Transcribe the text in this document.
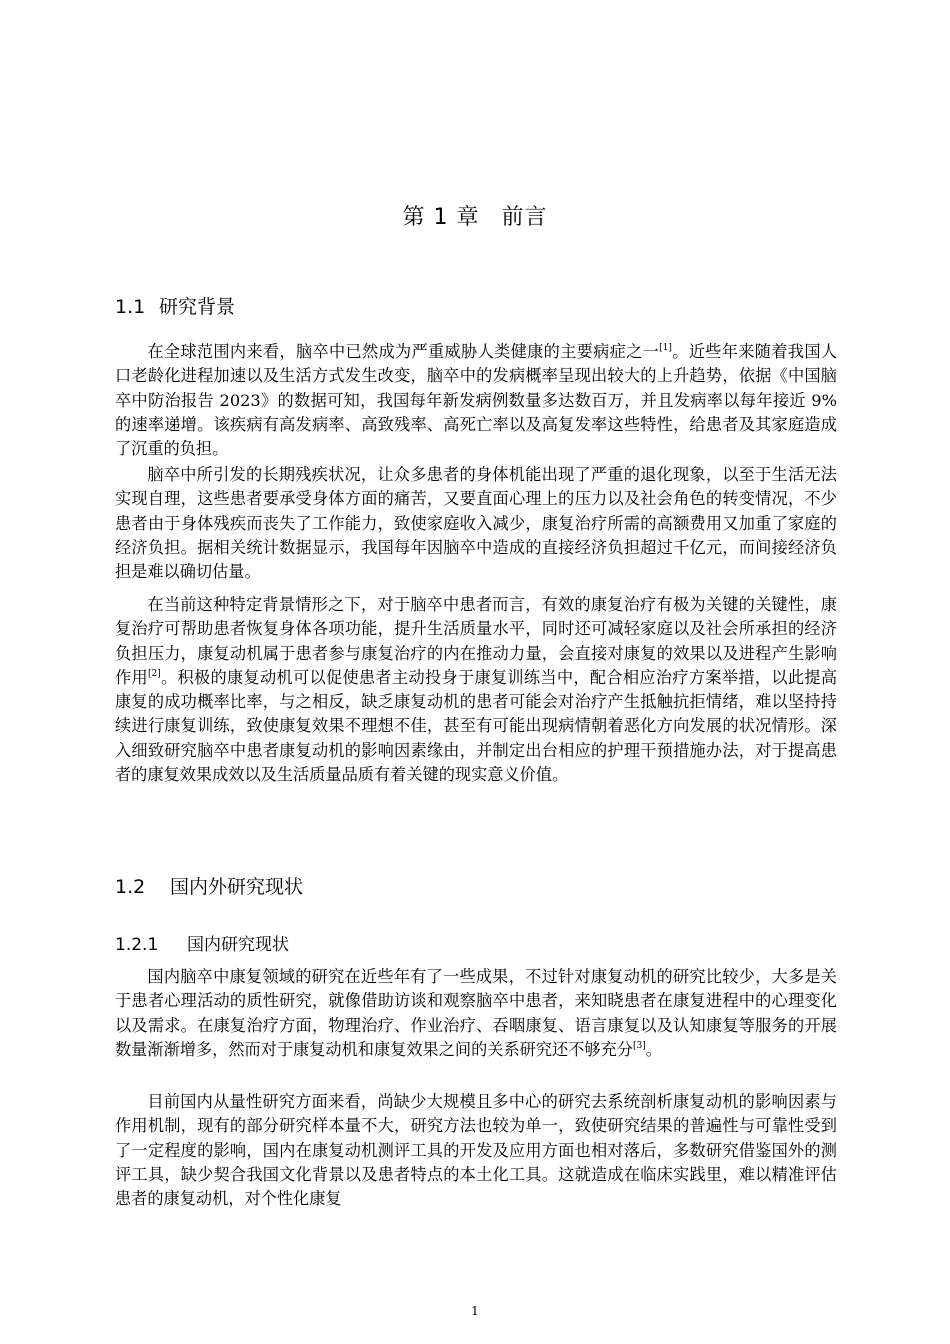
第 1 章 前言
1.1 研究背景

在全球范围内来看，脑卒中已然成为严重威胁人类健康的主要病症之一[1]。近些年来随着我国人口老龄化进程加速以及生活方式发生改变，脑卒中的发病概率呈现出较大的上升趋势，依据《中国脑卒中防治报告 2023》的数据可知，我国每年新发病例数量多达数百万，并且发病率以每年接近 9%的速率递增。该疾病有高发病率、高致残率、高死亡率以及高复发率这些特性，给患者及其家庭造成了沉重的负担。

脑卒中所引发的长期残疾状况，让众多患者的身体机能出现了严重的退化现象，以至于生活无法实现自理，这些患者要承受身体方面的痛苦，又要直面心理上的压力以及社会角色的转变情况，不少患者由于身体残疾而丧失了工作能力，致使家庭收入减少，康复治疗所需的高额费用又加重了家庭的经济负担。据相关统计数据显示，我国每年因脑卒中造成的直接经济负担超过千亿元，而间接经济负担是难以确切估量。

在当前这种特定背景情形之下，对于脑卒中患者而言，有效的康复治疗有极为关键的关键性，康复治疗可帮助患者恢复身体各项功能，提升生活质量水平，同时还可减轻家庭以及社会所承担的经济负担压力，康复动机属于患者参与康复治疗的内在推动力量，会直接对康复的效果以及进程产生影响作用[2]。积极的康复动机可以促使患者主动投身于康复训练当中，配合相应治疗方案举措，以此提高康复的成功概率比率，与之相反，缺乏康复动机的患者可能会对治疗产生抵触抗拒情绪，难以坚持持续进行康复训练，致使康复效果不理想不佳，甚至有可能出现病情朝着恶化方向发展的状况情形。深入细致研究脑卒中患者康复动机的影响因素缘由，并制定出台相应的护理干预措施办法，对于提高患者的康复效果成效以及生活质量品质有着关键的现实意义价值。

1.2 国内外研究现状
1.2.1 国内研究现状

国内脑卒中康复领域的研究在近些年有了一些成果，不过针对康复动机的研究比较少，大多是关于患者心理活动的质性研究，就像借助访谈和观察脑卒中患者，来知晓患者在康复进程中的心理变化以及需求。在康复治疗方面，物理治疗、作业治疗、吞咽康复、语言康复以及认知康复等服务的开展数量渐渐增多，然而对于康复动机和康复效果之间的关系研究还不够充分[3]。

目前国内从量性研究方面来看，尚缺少大规模且多中心的研究去系统剖析康复动机的影响因素与作用机制，现有的部分研究样本量不大，研究方法也较为单一，致使研究结果的普遍性与可靠性受到了一定程度的影响，国内在康复动机测评工具的开发及应用方面也相对落后，多数研究借鉴国外的测评工具，缺少契合我国文化背景以及患者特点的本土化工具。这就造成在临床实践里，难以精准评估患者的康复动机，对个性化康复

1
